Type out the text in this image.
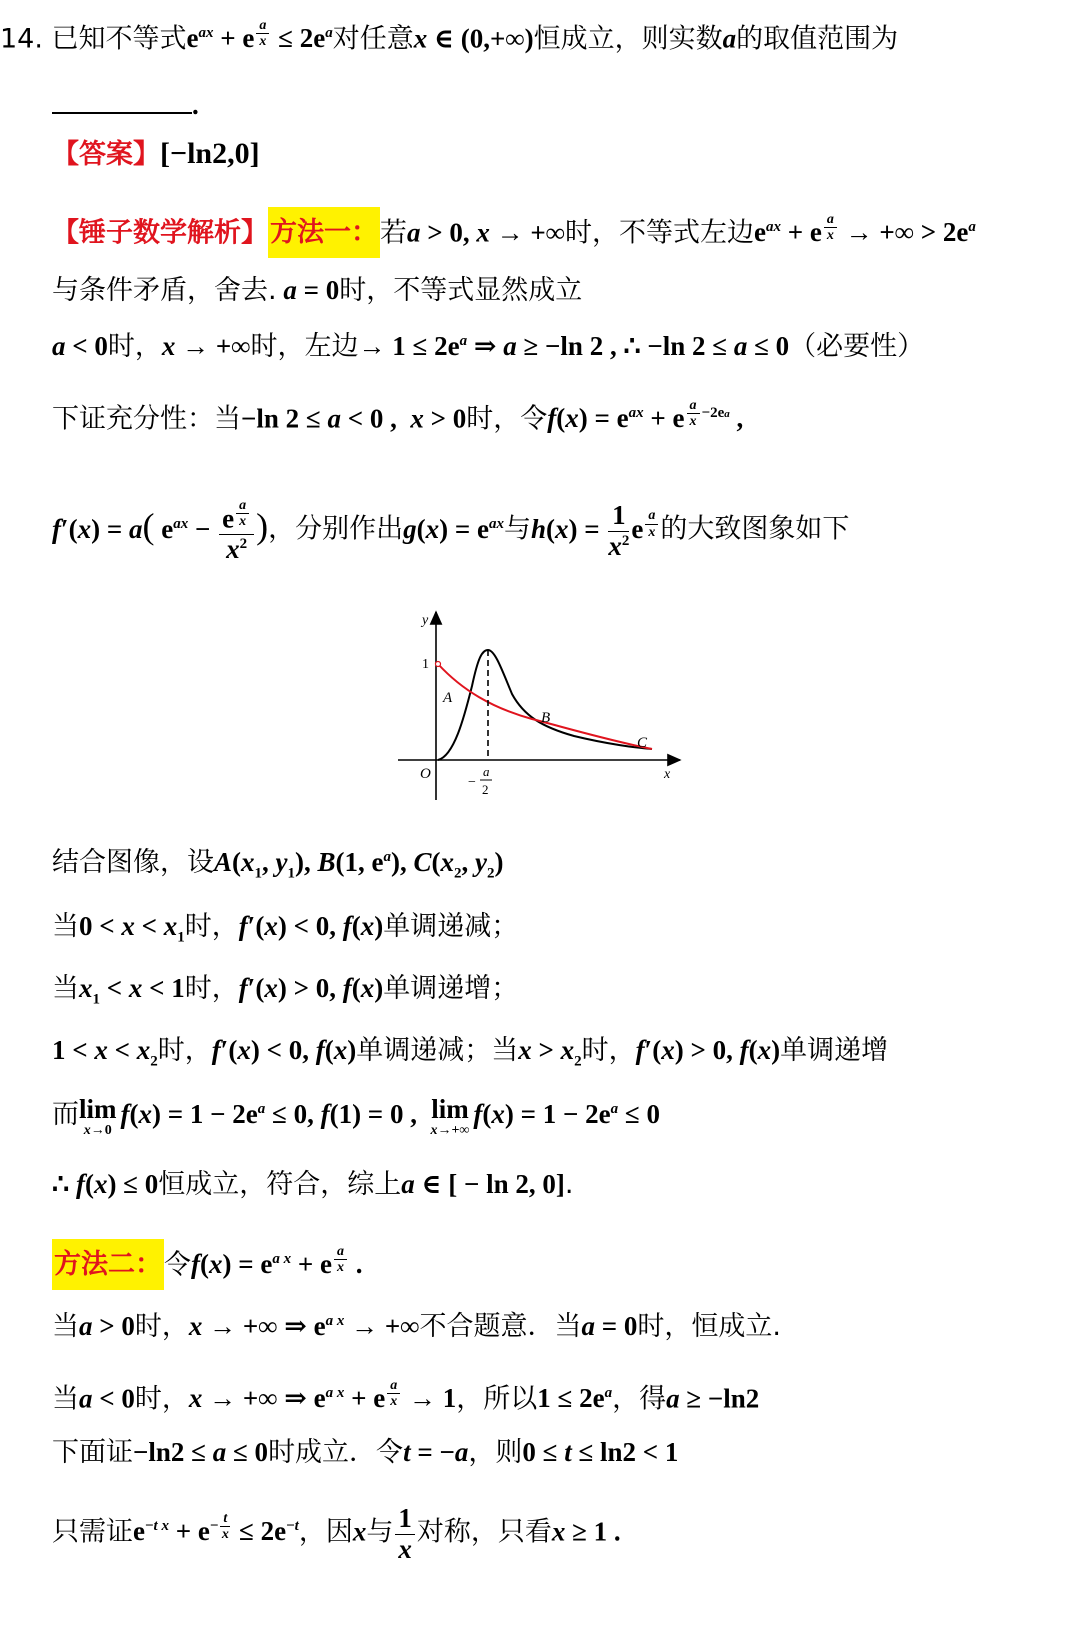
14. 已知不等式$e^{ax} + e$ $^{\frac{a}{x}} \le 2e^a$对任意x ∈ (0,+∞)恒成立，则实数a的取值范围为
.
【答案】[−ln2,0]
【锤子数学解析】方法一：若a > 0, x → +∞时，不等式左边$e^{ax} + e$ $^{\frac{a}{x}}$ → +∞ > $2e^a$
与条件矛盾，舍去. a = 0时，不等式显然成立
a < 0时，x → +∞时，左边→ $1 \le 2e^a$ ⇒ a ≥ −ln 2 , ∴ −ln 2 ≤ a ≤ 0（必要性）
下证充分性：当−ln 2 ≤ a < 0 ,  x > 0时，令$f(x) = e^{ax} + e$ $^{\frac{a}{x} -2ea}$ ,
f′(x) = a( $e^{ax} - e$ $^{\frac{a}{x}}$
$x^2$ )，分别作出$g(x) = e^{ax}$与$h(x) = \frac{1}{x^2}$ e $^{\frac{a}{x}}$ 的大致图象如下
y
x
O
1
A
B
C
−
a
2
结合图像，设$A(x_1$, $y_1$), B(1, $e^a$), $C(x_2$, $y_2$)
当$0 < x < x_1$时，f′(x) < 0, f(x)单调递减；
当$x_1 < x < 1$时，f′(x) > 0, f(x)单调递增；
$1 < x < x_2$时，f′(x) < 0, f(x)单调递减；当$x > x_2$时，f′(x) > 0, f(x)单调递增
而lim
x→0
$f(x) = 1 - 2e^a \le 0$, f(1) = 0 ,  lim
x→+∞
$f(x) = 1 - 2e^a \le 0$
∴ f(x) ≤ 0恒成立，符合，综上a ∈ [ − ln 2, 0].
方法二：令$f(x) = e^{a x} + e$ $^{\frac{a}{x}}$ .
当a > 0时，x → +∞ ⇒ $e^{a x}$ → +∞不合题意．当a = 0时，恒成立.
当a < 0时，x → +∞ ⇒ $e^{a x} + e$ $^{\frac{a}{x}}$ → 1，所以$1 \le 2e^a$，得a ≥ −ln2
下面证−ln2 ≤ a ≤ 0时成立．令t = −a，则0 ≤ t ≤ ln2 < 1
只需证$e^{-t x} + e^{- \frac{t}{x}} \le 2e^{-t}$，因x与 $\frac{1}{x}$ 对称，只看x ≥ 1 .
